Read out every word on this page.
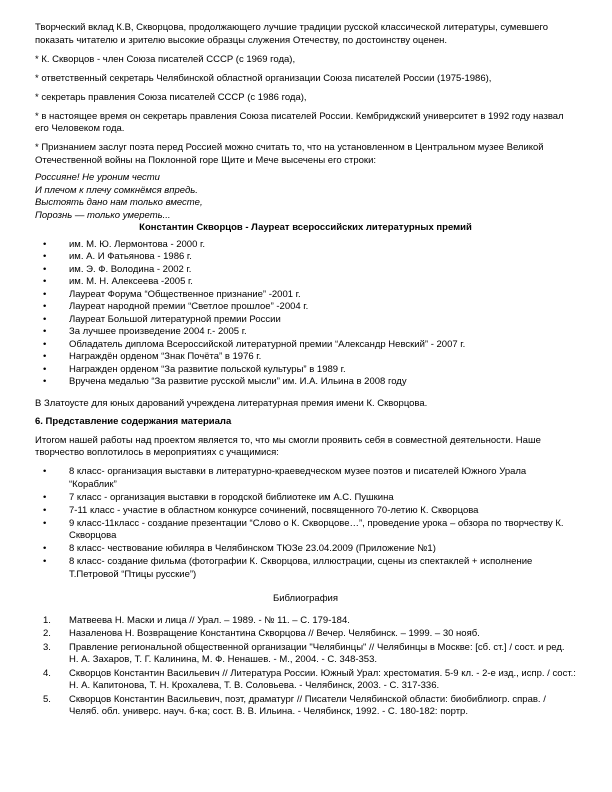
Творческий вклад К.В, Скворцова, продолжающего лучшие традиции русской классической литературы, сумевшего показать читателю и зрителю высокие образцы служения Отечеству, по достоинству оценен.

* К. Скворцов - член Союза писателей СССР (с 1969 года),

* ответственный секретарь Челябинской областной организации Союза писателей России (1975-1986),

* секретарь правления Союза писателей СССР (с 1986 года),

* в настоящее время он секретарь правления Союза писателей России. Кембриджский университет в 1992 году назвал его Человеком года.

* Признанием заслуг поэта перед Россией можно считать то, что на установленном в Центральном музее Великой Отечественной войны на Поклонной горе Щите и Мече высечены его строки:

Россияне! Не уроним чести
И плечом к плечу сомкнёмся впредь.
Выстоять дано нам только вместе,
Порознь — только умереть...

Константин Скворцов - Лауреат всероссийских литературных премий

• им. М. Ю. Лермонтова - 2000 г.
• им. А. И Фатьянова - 1986 г.
• им. Э. Ф. Володина - 2002 г.
• им. М. Н. Алексеева -2005 г.
• Лауреат Форума “Общественное признание” -2001 г.
• Лауреат народной премии “Светлое прошлое” -2004 г.
• Лауреат Большой литературной премии России
• За лучшее произведение 2004 г.- 2005 г.
• Обладатель диплома Всероссийской литературной премии “Александр Невский” - 2007 г.
• Награждён орденом “Знак Почёта” в 1976 г.
• Награжден орденом “За развитие польской культуры” в 1989 г.
• Вручена медалью “За развитие русской мысли” им. И.А. Ильина в 2008 году

В Златоусте для юных дарований учреждена литературная премия имени К. Скворцова.

6. Представление содержания материала

Итогом нашей работы над проектом является то, что мы смогли проявить себя в совместной деятельности. Наше творчество воплотилось в мероприятиях с учащимися:

• 8 класс- организация выставки в литературно-краеведческом музее поэтов и писателей Южного Урала “Кораблик”
• 7 класс - организация выставки в городской библиотеке им А.С. Пушкина
• 7-11 класс - участие в областном конкурсе сочинений, посвященного 70-летию К. Скворцова
• 9 класс-11класс - создание презентации “Слово о К. Скворцове…”, проведение урока – обзора по творчеству К. Скворцова
• 8 класс- чествование юбиляра в Челябинском ТЮЗе 23.04.2009 (Приложение №1)
• 8 класс- создание фильма (фотографии К. Скворцова, иллюстрации, сцены из спектаклей + исполнение Т.Петровой “Птицы русские”)

Библиография

1. Матвеева Н. Маски и лица // Урал. – 1989. - № 11. – С. 179-184.
2. Назаленова Н. Возвращение Константина Скворцова // Вечер. Челябинск. – 1999. – 30 нояб.
3. Правление региональной общественной организации "Челябинцы" // Челябинцы в Москве: [сб. ст.] / сост. и ред. Н. А. Захаров, Т. Г. Калинина, М. Ф. Ненашев. - М., 2004. - С. 348-353.
4. Скворцов Константин Васильевич // Литература России. Южный Урал: хрестоматия. 5-9 кл. - 2-е изд., испр. / сост.: Н. А. Капитонова, Т. Н. Крохалева, Т. В. Соловьева. - Челябинск, 2003. - С. 317-336.
5. Скворцов Константин Васильевич, поэт, драматург // Писатели Челябинской области: биобиблиогр. справ. / Челяб. обл. универс. науч. б-ка; сост. В. В. Ильина. - Челябинск, 1992. - С. 180-182: портр.
